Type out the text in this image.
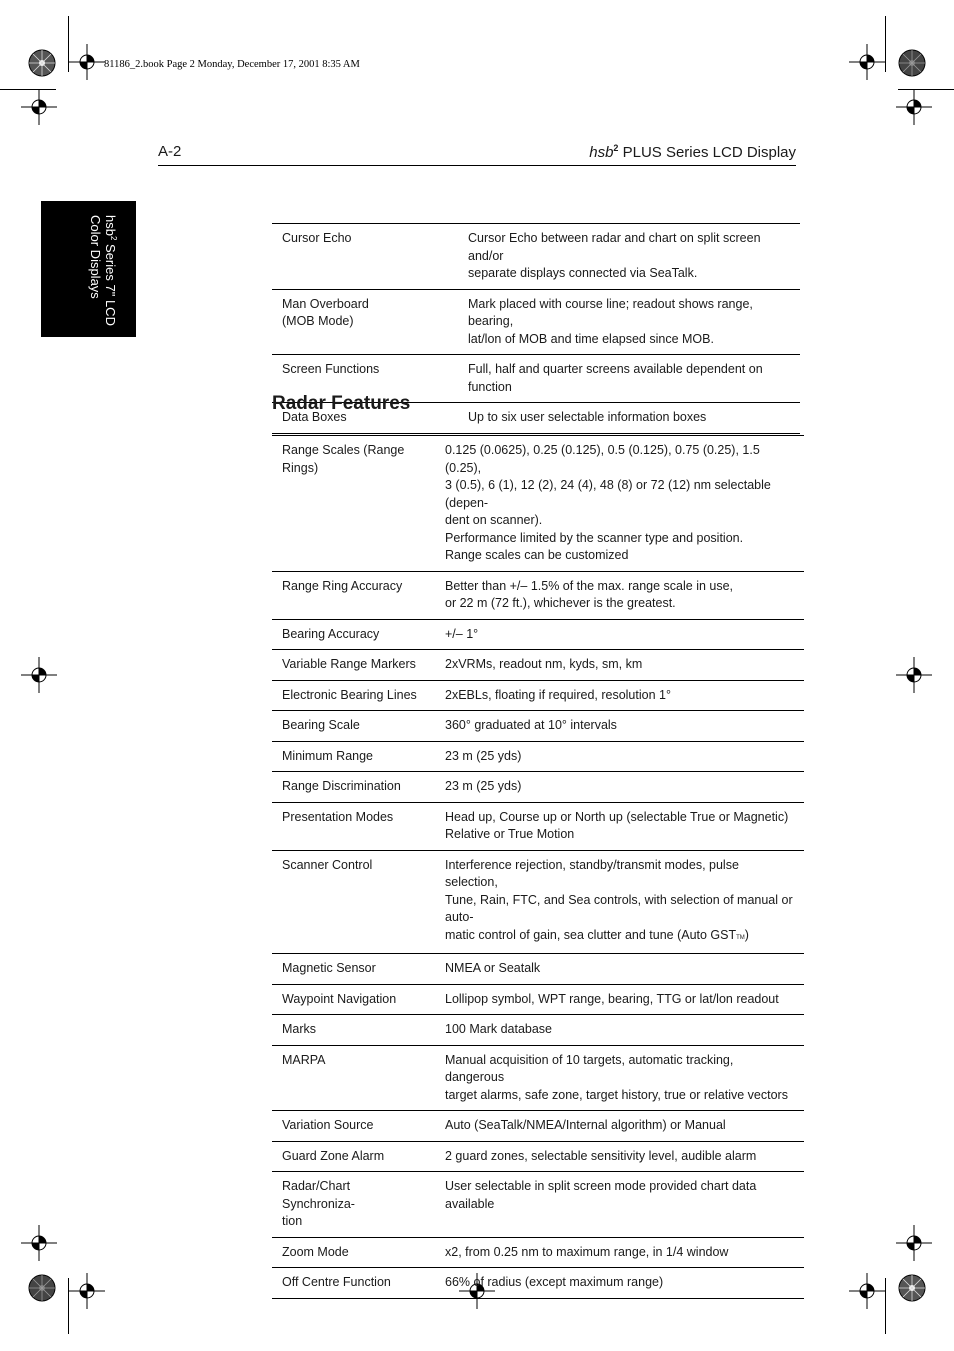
81186_2.book Page 2 Monday, December 17, 2001 8:35 AM
A-2	hsb$^2$ PLUS Series LCD Display
hsb$^2$ Series 7" LCD
Color Displays	Cursor Echo	Cursor Echo between radar and chart on split screen and/or
separate displays connected via SeaTalk.

Man Overboard
(MOB Mode)	Mark placed with course line; readout shows range, bearing,
lat/lon of MOB and time elapsed since MOB.

Screen Functions	Full, half and quarter screens available dependent on function

Data Boxes	Up to six user selectable information boxes
Radar Features
Range Scales (Range Rings)	0.125 (0.0625), 0.25 (0.125), 0.5 (0.125), 0.75 (0.25), 1.5 (0.25),
3 (0.5), 6 (1), 12 (2), 24 (4), 48 (8) or 72 (12) nm selectable (depen-
dent on scanner).
Performance limited by the scanner type and position.
Range scales can be customized

Range Ring Accuracy	Better than +/– 1.5% of the max. range scale in use,
or 22 m (72 ft.), whichever is the greatest.

Bearing Accuracy	+/– 1°

Variable Range Markers	2xVRMs, readout nm, kyds, sm, km

Electronic Bearing Lines	2xEBLs, floating if required, resolution 1°

Bearing Scale	360° graduated at 10° intervals

Minimum Range	23 m (25 yds)

Range Discrimination	23 m (25 yds)

Presentation Modes	Head up, Course up or North up (selectable True or Magnetic)
Relative or True Motion

Scanner Control	Interference rejection, standby/transmit modes, pulse selection,
Tune, Rain, FTC, and Sea controls, with selection of manual or auto-
matic control of gain, sea clutter and tune (Auto GSTTM)

Magnetic Sensor	NMEA or Seatalk

Waypoint Navigation	Lollipop symbol, WPT range, bearing, TTG or lat/lon readout

Marks	100 Mark database

MARPA	Manual acquisition of 10 targets, automatic tracking, dangerous
target alarms, safe zone, target history, true or relative vectors

Variation Source	Auto (SeaTalk/NMEA/Internal algorithm) or Manual

Guard Zone Alarm	2 guard zones, selectable sensitivity level, audible alarm

Radar/Chart Synchroniza-
tion	User selectable in split screen mode provided chart data available

Zoom Mode	x2, from 0.25 nm to maximum range, in 1/4 window

Off Centre Function	66% of radius (except maximum range)
